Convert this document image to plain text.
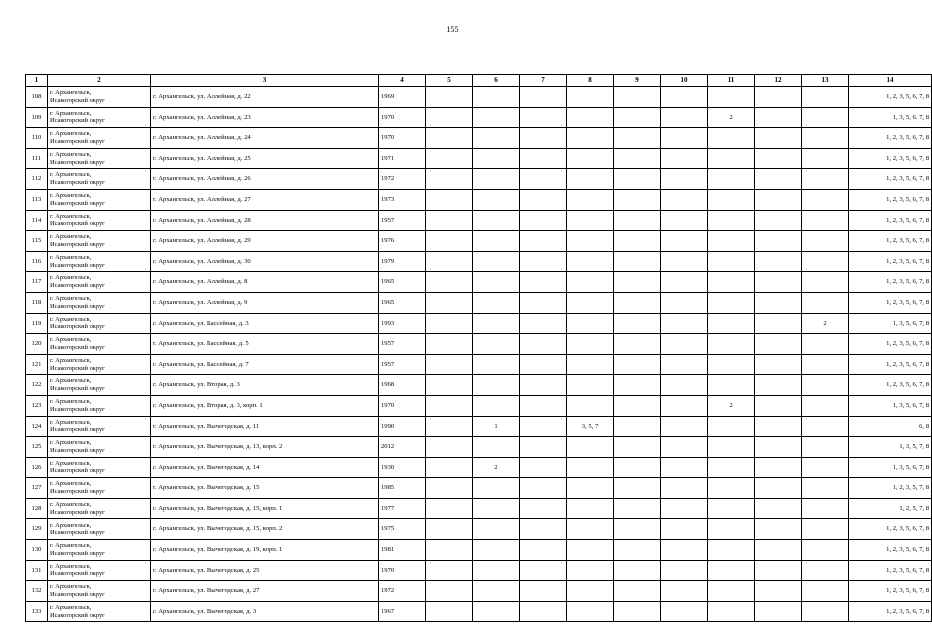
155
1	2	3	4	5	6	7	8	9	10	11	12	13	14
108	г. Архангельск,
Исакогорский округ	г. Архангельск, ул. Аллейная, д. 22	1969										1, 2, 3, 5, 6, 7, 8
109	г. Архангельск,
Исакогорский округ	г. Архангельск, ул. Аллейная, д. 23	1970							2			1, 3, 5, 6. 7, 8
110	г. Архангельск,
Исакогорский округ	г. Архангельск, ул. Аллейная, д. 24	1970										1, 2, 3, 5, 6, 7, 8
111	г. Архангельск,
Исакогорский округ	г. Архангельск, ул. Аллейная, д. 25	1971										1, 2, 3, 5, 6, 7, 8
112	г. Архангельск,
Исакогорский округ	г. Архангельск, ул. Аллейная, д. 26	1972										1, 2, 3, 5, 6, 7, 8
113	г. Архангельск,
Исакогорский округ	г. Архангельск, ул. Аллейная, д. 27	1973										1, 2, 3, 5, 6, 7, 8
114	г. Архангельск,
Исакогорский округ	г. Архангельск, ул. Аллейная, д. 28	1957										1, 2, 3, 5, 6, 7, 8
115	г. Архангельск,
Исакогорский округ	г. Архангельск, ул. Аллейная, д. 29	1976										1, 2, 3, 5, 6, 7, 8
116	г. Архангельск,
Исакогорский округ	г. Архангельск, ул. Аллейная, д. 30	1979										1, 2, 3, 5, 6, 7, 8
117	г. Архангельск,
Исакогорский округ	г. Архангельск, ул. Аллейная, д. 8	1965										1, 2, 3, 5, 6, 7, 8
118	г. Архангельск,
Исакогорский округ	г. Архангельск, ул. Аллейная, д. 9	1965										1, 2, 3, 5, 6, 7, 8
119	г. Архангельск,
Исакогорский округ	г. Архангельск, ул. Бассейная, д. 3	1993									2	1, 3, 5, 6, 7, 8
120	г. Архангельск,
Исакогорский округ	г. Архангельск, ул. Бассейная, д. 5	1957										1, 2, 3, 5, 6, 7, 8
121	г. Архангельск,
Исакогорский округ	г. Архангельск, ул. Бассейная, д. 7	1957										1, 2, 3, 5, 6, 7, 8
122	г. Архангельск,
Исакогорский округ	г. Архангельск, ул. Вторая, д. 3	1968										1, 2, 3, 5, 6, 7, 8
123	г. Архангельск,
Исакогорский округ	г. Архангельск, ул. Вторая, д. 3, корп. 1	1970							2			1, 3, 5, 6, 7, 8
124	г. Архангельск,
Исакогорский округ	г. Архангельск, ул. Вычегодская, д. 11	1990		1		3, 5, 7						6, 8
125	г. Архангельск,
Исакогорский округ	г. Архангельск, ул. Вычегодская, д. 13, корп. 2	2012										1, 3, 5, 7, 8
126	г. Архангельск,
Исакогорский округ	г. Архангельск, ул. Вычегодская, д. 14	1930		2								1, 3, 5, 6, 7, 8
127	г. Архангельск,
Исакогорский округ	г. Архангельск, ул. Вычегодская, д. 15	1985										1, 2, 3, 5, 7, 8
128	г. Архангельск,
Исакогорский округ	г. Архангельск, ул. Вычегодская, д. 15, корп. 1	1977										1, 2, 5, 7, 8
129	г. Архангельск,
Исакогорский округ	г. Архангельск, ул. Вычегодская, д. 15, корп. 2	1975										1, 2, 3, 5, 6, 7, 8
130	г. Архангельск,
Исакогорский округ	г. Архангельск, ул. Вычегодская, д. 19, корп. 1	1981										1, 2, 3, 5, 6, 7, 8
131	г. Архангельск,
Исакогорский округ	г. Архангельск, ул. Вычегодская, д. 25	1970										1, 2, 3, 5, 6, 7, 8
132	г. Архангельск,
Исакогорский округ	г. Архангельск, ул. Вычегодская, д. 27	1972										1, 2, 3, 5, 6, 7, 8
133	г. Архангельск,
Исакогорский округ	г. Архангельск, ул. Вычегодская, д. 3	1967										1, 2, 3, 5, 6, 7, 8
